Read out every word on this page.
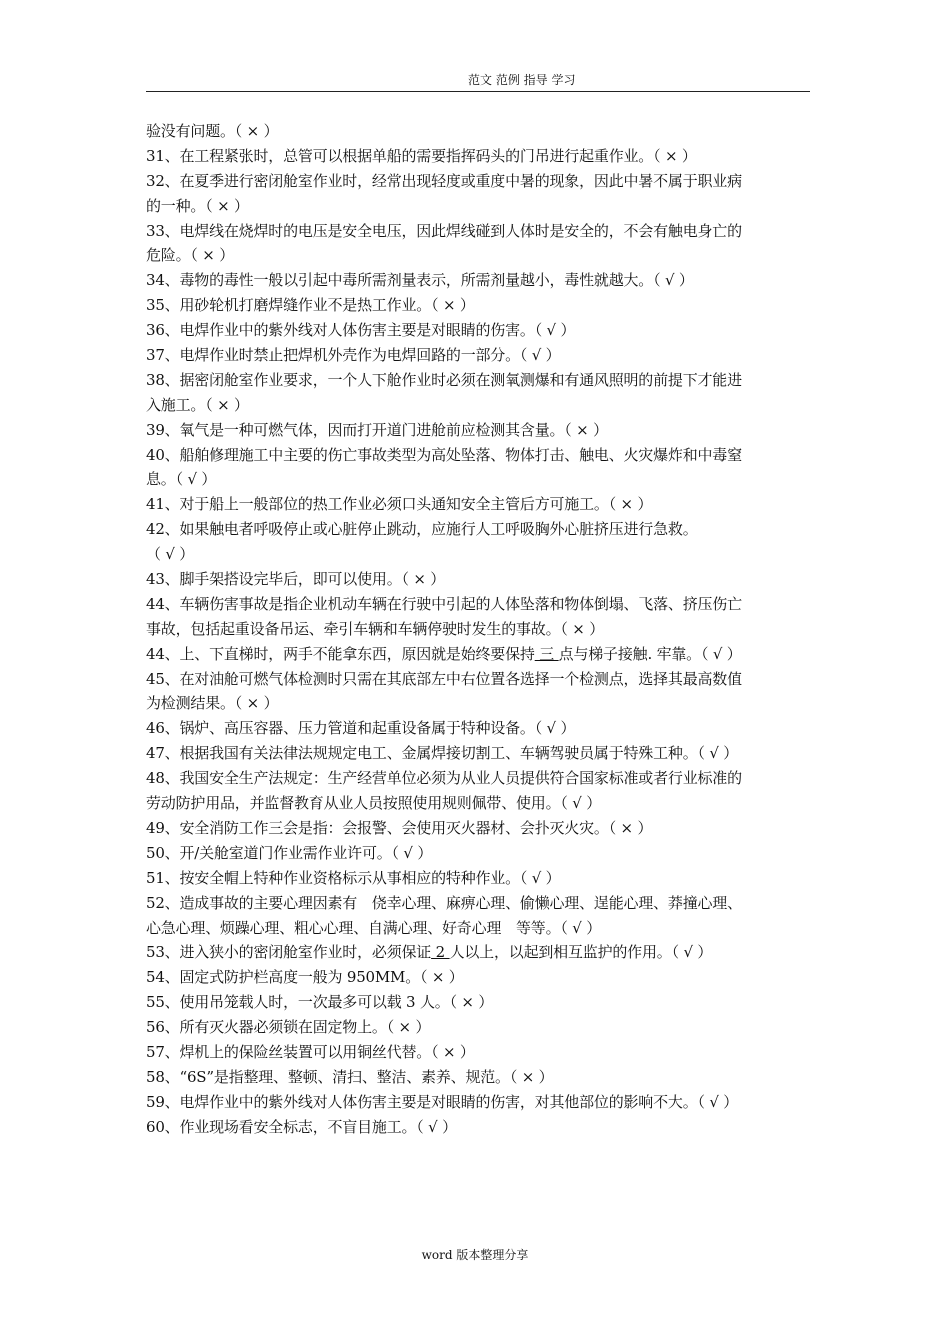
范文 范例 指导 学习
验没有问题。（ × ）
31、在工程紧张时，总管可以根据单船的需要指挥码头的门吊进行起重作业。（ × ）
32、在夏季进行密闭舱室作业时，经常出现轻度或重度中暑的现象，因此中暑不属于职业病
的一种。（ × ）
33、电焊线在烧焊时的电压是安全电压，因此焊线碰到人体时是安全的，不会有触电身亡的
危险。（ × ）
34、毒物的毒性一般以引起中毒所需剂量表示，所需剂量越小，毒性就越大。（ √ ）
35、用砂轮机打磨焊缝作业不是热工作业。（ × ）
36、电焊作业中的紫外线对人体伤害主要是对眼睛的伤害。（ √ ）
37、电焊作业时禁止把焊机外壳作为电焊回路的一部分。（ √ ）
38、据密闭舱室作业要求，一个人下舱作业时必须在测氧测爆和有通风照明的前提下才能进
入施工。（ × ）
39、氧气是一种可燃气体，因而打开道门进舱前应检测其含量。（ × ）
40、船舶修理施工中主要的伤亡事故类型为高处坠落、物体打击、触电、火灾爆炸和中毒窒
息。（ √ ）
41、对于船上一般部位的热工作业必须口头通知安全主管后方可施工。（ × ）
42、如果触电者呼吸停止或心脏停止跳动，应施行人工呼吸胸外心脏挤压进行急救。
（ √ ）
43、脚手架搭设完毕后，即可以使用。（ × ）
44、车辆伤害事故是指企业机动车辆在行驶中引起的人体坠落和物体倒塌、飞落、挤压伤亡
事故，包括起重设备吊运、牵引车辆和车辆停驶时发生的事故。（ × ）
44、上、下直梯时，两手不能拿东西，原因就是始终要保持 三 点与梯子接触. 牢靠。（ √ ）
45、在对油舱可燃气体检测时只需在其底部左中右位置各选择一个检测点，选择其最高数值
为检测结果。（ × ）
46、锅炉、高压容器、压力管道和起重设备属于特种设备。（ √ ）
47、根据我国有关法律法规规定电工、金属焊接切割工、车辆驾驶员属于特殊工种。（ √ ）
48、我国安全生产法规定：生产经营单位必须为从业人员提供符合国家标准或者行业标准的
劳动防护用品，并监督教育从业人员按照使用规则佩带、使用。（ √ ）
49、安全消防工作三会是指：会报警、会使用灭火器材、会扑灭火灾。（ × ）
50、开/关舱室道门作业需作业许可。（ √ ）
51、按安全帽上特种作业资格标示从事相应的特种作业。（ √ ）
52、造成事故的主要心理因素有　侥幸心理、麻痹心理、偷懒心理、逞能心理、莽撞心理、
心急心理、烦躁心理、粗心心理、自满心理、好奇心理　等等。（ √ ）
53、进入狭小的密闭舱室作业时，必须保证 2 人以上，以起到相互监护的作用。（ √ ）
54、固定式防护栏高度一般为 950MM。（ × ）
55、使用吊笼载人时，一次最多可以载 3 人。（ × ）
56、所有灭火器必须锁在固定物上。（ × ）
57、焊机上的保险丝装置可以用铜丝代替。（ × ）
58、“6S”是指整理、整顿、清扫、整洁、素养、规范。（ × ）
59、电焊作业中的紫外线对人体伤害主要是对眼睛的伤害，对其他部位的影响不大。（ √ ）
60、作业现场看安全标志，不盲目施工。（ √ ）
word 版本整理分享
